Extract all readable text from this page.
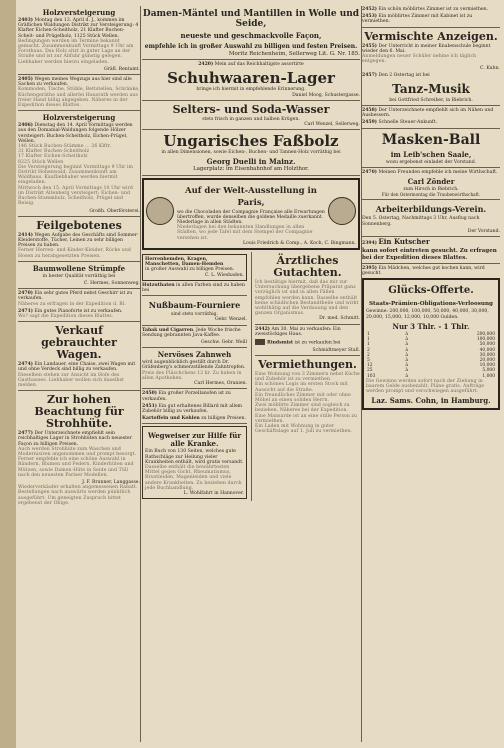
Holzversteigerung
2403) Montag den 13. April d. J., kommen im Gräflichen Waldungen Distrikt zur Versteigerung: 4 Klafter Eichen-Scheitholz, 21 Klafter Buchen-Scheit- und Prügelholz, 1125 Stück Wellen.
Bedingungen werden im Termine bekannt gemacht. Zusammenkunft Vormittags 9 Uhr am Forsthaus. Das Holz sitzt in guter Lage an der Straße und ist zur Abfuhr günstig gelegen. Liebhaber werden hierzu eingeladen.
Gräfl. Rentamt.
2405) Wegen meines Wegzugs aus hier sind alle Sachen zu verkaufen.
Kommoden, Tische, Stühle, Bettstellen, Schränke, Küchengeräthe und allerlei Hausrath werden aus freier Hand billig abgegeben. Näheres in der Expedition dieses Blattes.
Holzversteigerung
2406) Dienstag den 14. April Vormittags werden aus den Domanial-Waldungen folgende Hölzer versteigert: Buchen-Scheitholz, Eichen-Prügel, Wellen.
146 Stück Buchen-Stämme ... 26 Klftr.
31 Klafter Buchen-Scheitholz
17 Klafter Eichen-Scheitholz
8225 Stück Wellen
Die Versteigerung beginnt Vormittags 9 Uhr im Distrikt Hohenwald; Zusammenkunft am Waldhaus. Kaufliebhaber werden hiermit eingeladen.
Mittwoch den 15. April Vormittags 10 Uhr wird im Distrikt Altenberg versteigert: Eichen- und Buchen-Stammholz, Scheitholz, Prügel und Reisig.
Großh. Oberförsterei.
Feilgebotenes
2414) Wegen Aufgabe des Geschäfts sind Sommer-Kleiderstoffe, Tücher, Leinen zu sehr billigen Preisen zu haben.
Ferner Herren- und Kinder-Kleider, Röcke und Hosen zu herabgesetzten Preisen.
Baumwollene Strümpfe
in bester Qualität vorräthig bei
C. Hermes, Sonnenweg.
2470) Ein sehr gutes Pferd nebst Geschirr ist zu verkaufen.
Näheres zu erfragen in der Expedition d. Bl.
2471) Ein gutes Pianoforte ist zu verkaufen.
Wo? sagt die Expedition dieses Blattes.
Verkauf gebrauchter Wagen.
2474) Ein Landauer, eine Chaise, zwei Wagen mit und ohne Verdeck sind billig zu verkaufen.
Dieselben stehen zur Ansicht im Hofe des Gasthauses. Liebhaber wollen sich daselbst melden.
Zur hohen Beachtung für Strohhüte.
2477) Der Unterzeichnete empfiehlt sein reichhaltiges Lager in Strohhüten nach neuester Façon zu billigen Preisen.
Auch werden Strohhüte zum Waschen und Modernisiren angenommen und prompt besorgt. Ferner empfehle ich eine schöne Auswahl in Bändern, Blumen und Federn, Kinderhüten und Mützen, sowie Damen-Hüte in Seide und Tüll nach den neuesten Pariser Modellen.
J. F. Brunner, Langgasse.
Wiederverkäufer erhalten angemessenen Rabatt. Bestellungen nach auswärts werden pünktlich ausgeführt. Um geneigten Zuspruch bittet ergebenst der Obige.
Damen-Mäntel und Mantillen in Wolle und Seide,
neueste und geschmackvolle Façon,
empfehle ich in großer Auswahl zu billigen und festen Preisen.
Moritz Reichenheim, Sellerweg Lit. G. Nr. 185.
2420) Mein auf das Reichhaltigste assortirte
Schuhwaaren-Lager
bringe ich hiermit in empfehlende Erinnerung.
Daniel Moog, Schustergasse.
Selters- und Soda-Wasser
stets frisch in ganzen und halben Krügen.
Carl Wenzel, Sellerweg.
Ungarisches Faßbolz
in allen Dimensionen, sowie Eichen-, Buchen- und Tannen-Holz vorräthig bei
Georg Duelli in Mainz.
Lagerplatz: im Eisenbahnhof am Holzthor.
Auf der Welt-Ausstellung in Paris,
wo die Chocoladen der Compagnie Française alle Erwartungen übertroffen, wurde denselben die goldene Medaille zuerkannt. Niederlage in allen Städten.
Niederlagen bei den bekannten Handlungen in allen Städten, wo jede Tafel mit dem Stempel der Compagnie versehen ist.
Louis Friedrich & Comp., A. Koch, C. Bingmann.
Herrenhemden, Kragen, Manschetten, Damen-Hemden
in großer Auswahl zu billigen Preisen.
C. L. Wiesbaden.
Hutzuthaten in allen Farben sind zu haben bei
Nußbaum-Fourniere
sind stets vorräthig.
Gebr. Wenzel.
Tabak und Cigarren. Jede Woche frische Sendung gebrannten Java-Kaffee.
Geschw. Gebr. Weill
Nervöses Zahnweh
wird augenblicklich gestillt durch Dr. Gräfenberg's schmerzstillende Zahntropfen.
Preis des Fläschchens 12 kr. Zu haben in allen Apotheken.
Carl Hermes, Oranien.
2450) Ein großer Porzellanofen ist zu verkaufen.
2451) Ein gut erhaltenes Billard mit allem Zubehör billig zu verkaufen.
Kartoffeln und Kohlen zu billigen Preisen.
Wegweiser zur Hilfe für alle Kranke.
Ein Buch von 130 Seiten, welches gute Rathschläge zur Heilung vieler Krankheiten enthält, wird gratis versandt.
Dasselbe enthält die bewährtesten Mittel gegen Gicht, Rheumatismus, Brustleiden, Magenleiden und viele andere Krankheiten. Zu beziehen durch jede Buchhandlung.
L. Wohlfahrt in Hannover.
Ärztliches Gutachten.
Ich bestätige hiermit, daß das mir zur Untersuchung übergebene Präparat ganz vorzüglich ist und in allen Fällen empfohlen werden kann. Dasselbe enthält keine schädlichen Bestandtheile und wirkt wohlthätig auf die Verdauung und den ganzen Organismus.
Dr. med. Schmitt.
2442) Am 30. Mai zu verkaufen: Ein zweistöckiges Haus.
Rindsmist ist zu verkaufen bei
Schmidtmeyer Stall.
Vermiethungen.
Eine Wohnung von 3 Zimmern nebst Küche und Zubehör ist zu vermiethen.
Ein schönes Logis im ersten Stock mit Aussicht auf die Straße.
Ein freundliches Zimmer mit oder ohne Möbel an einen soliden Herrn.
Zwei möblirte Zimmer sind sogleich zu beziehen. Näheres bei der Expedition.
Eine Mansarde ist an eine stille Person zu vermiethen.
Ein Laden mit Wohnung in guter Geschäftslage auf 1. Juli zu vermiethen.
2452) Ein schön möblirtes Zimmer ist zu vermiethen.
2453) Ein möblirtes Zimmer mit Kabinet ist zu vermiethen.
Vermischte Anzeigen.
2455) Der Unterricht in meiner Knabenschule beginnt wieder den 6. Mai.
Anmeldungen neuer Schüler nehme ich täglich entgegen.
C. Kuhn.
2457) Den 2 Ostertag ist bei
Tanz-Musik
bei Gottfried Schreiber, in Biebrich.
2458) Der Unterzeichnete empfiehlt sich im Nähen und Ausbessern.
2459) Schnelle Steuer-Ankunft.
Masken-Ball
im Leib'schen Saale,
wozu ergebenst einladet der Vorstand.
2470) Meinen Freunden empfehle ich meine Wirthschaft.
Carl Zönder
zum Hirsch in Biebrich.
Für den Ostermontag die Traubenwirthschaft.
Arbeiterbildungs-Verein.
Den 5. Ostertag, Nachmittags 3 Uhr, Ausflug nach Sonnenberg.
Der Vorstand.
2394) Ein Kutscher
kann sofort eintreten gesucht. Zu erfragen bei der Expedition dieses Blattes.
2395) Ein Mädchen, welches gut kochen kann, wird gesucht.
Glücks-Offerte.
Staats-Prämien-Obligations-Verloosung
Gewinne: 200,000, 100,000, 50,000, 40,000, 30,000, 20,000, 15,000, 12,000, 10,000 Gulden.
Nur 3 Thlr. - 1 Thlr.
1	à	200,000
1	à	100,000
1	à	50,000
2	à	40,000
2	à	30,000
5	à	20,000
12	à	10,000
25	à	5,000
103	à	1,000
Die Gewinne werden sofort nach der Ziehung in baarem Gelde ausbezahlt. Pläne gratis. Aufträge werden prompt und verschwiegen ausgeführt.
Laz. Sams. Cohn, in Hamburg.
